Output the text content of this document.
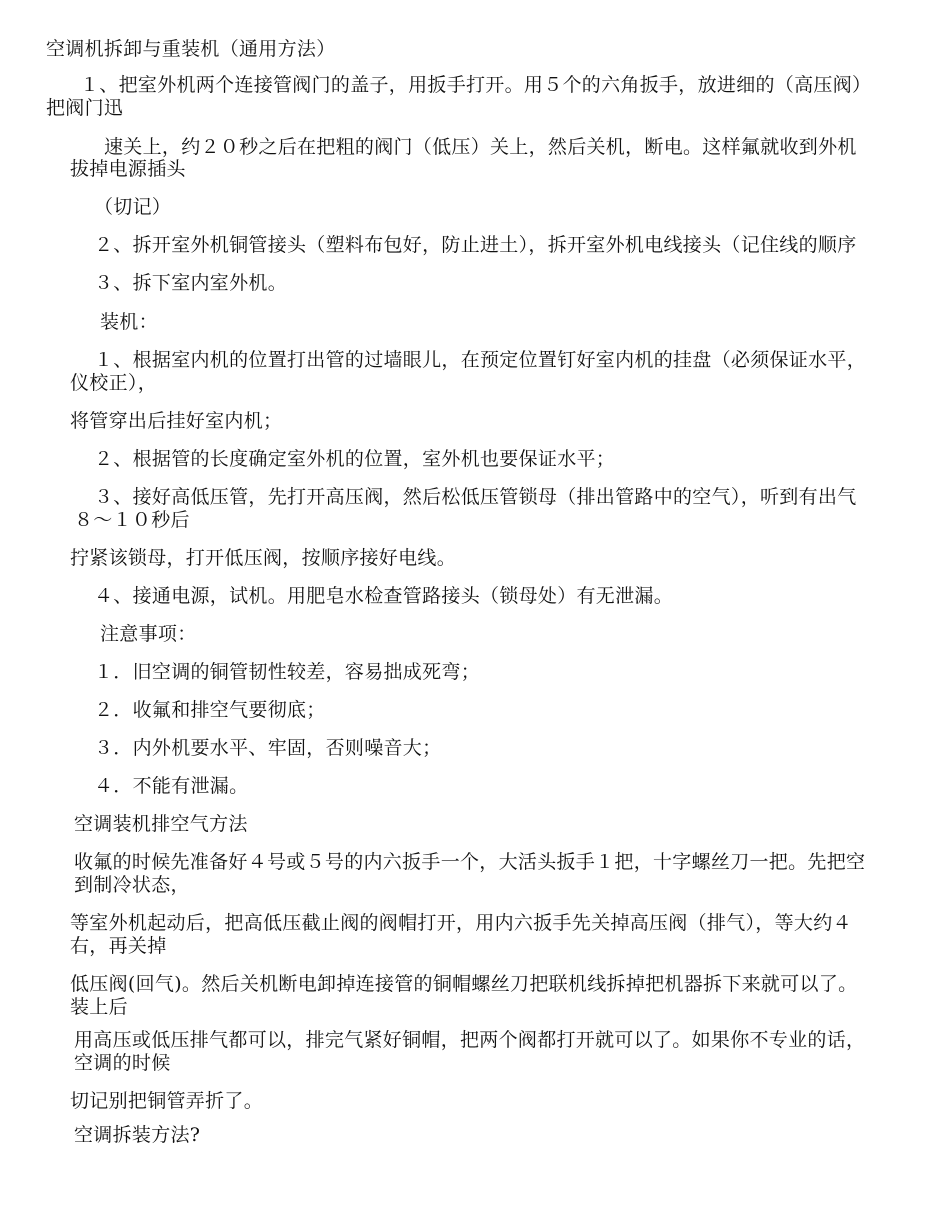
空调机拆卸与重装机（通用方法）
１、把室外机两个连接管阀门的盖子，用扳手打开。用５个的六角扳手，放进细的（高压阀）
把阀门迅
速关上，约２０秒之后在把粗的阀门（低压）关上，然后关机，断电。这样氟就收到外机
拔掉电源插头
（切记）
２、拆开室外机铜管接头（塑料布包好，防止进土），拆开室外机电线接头（记住线的顺序
３、拆下室内室外机。
装机：
１、根据室内机的位置打出管的过墙眼儿，在预定位置钉好室内机的挂盘（必须保证水平，
仪校正），
将管穿出后挂好室内机；
２、根据管的长度确定室外机的位置，室外机也要保证水平；
３、接好高低压管，先打开高压阀，然后松低压管锁母（排出管路中的空气），听到有出气
８～１０秒后
拧紧该锁母，打开低压阀，按顺序接好电线。
４、接通电源，试机。用肥皂水检查管路接头（锁母处）有无泄漏。
注意事项：
１．旧空调的铜管韧性较差，容易拙成死弯；
２．收氟和排空气要彻底；
３．内外机要水平、牢固，否则噪音大；
４．不能有泄漏。
空调装机排空气方法
收氟的时候先准备好４号或５号的内六扳手一个，大活头扳手１把，十字螺丝刀一把。先把空
到制冷状态，
等室外机起动后，把高低压截止阀的阀帽打开，用内六扳手先关掉高压阀（排气），等大约４
右，再关掉
低压阀(回气)。然后关机断电卸掉连接管的铜帽螺丝刀把联机线拆掉把机器拆下来就可以了。
装上后
用高压或低压排气都可以，排完气紧好铜帽，把两个阀都打开就可以了。如果你不专业的话，
空调的时候
切记别把铜管弄折了。
空调拆装方法?
